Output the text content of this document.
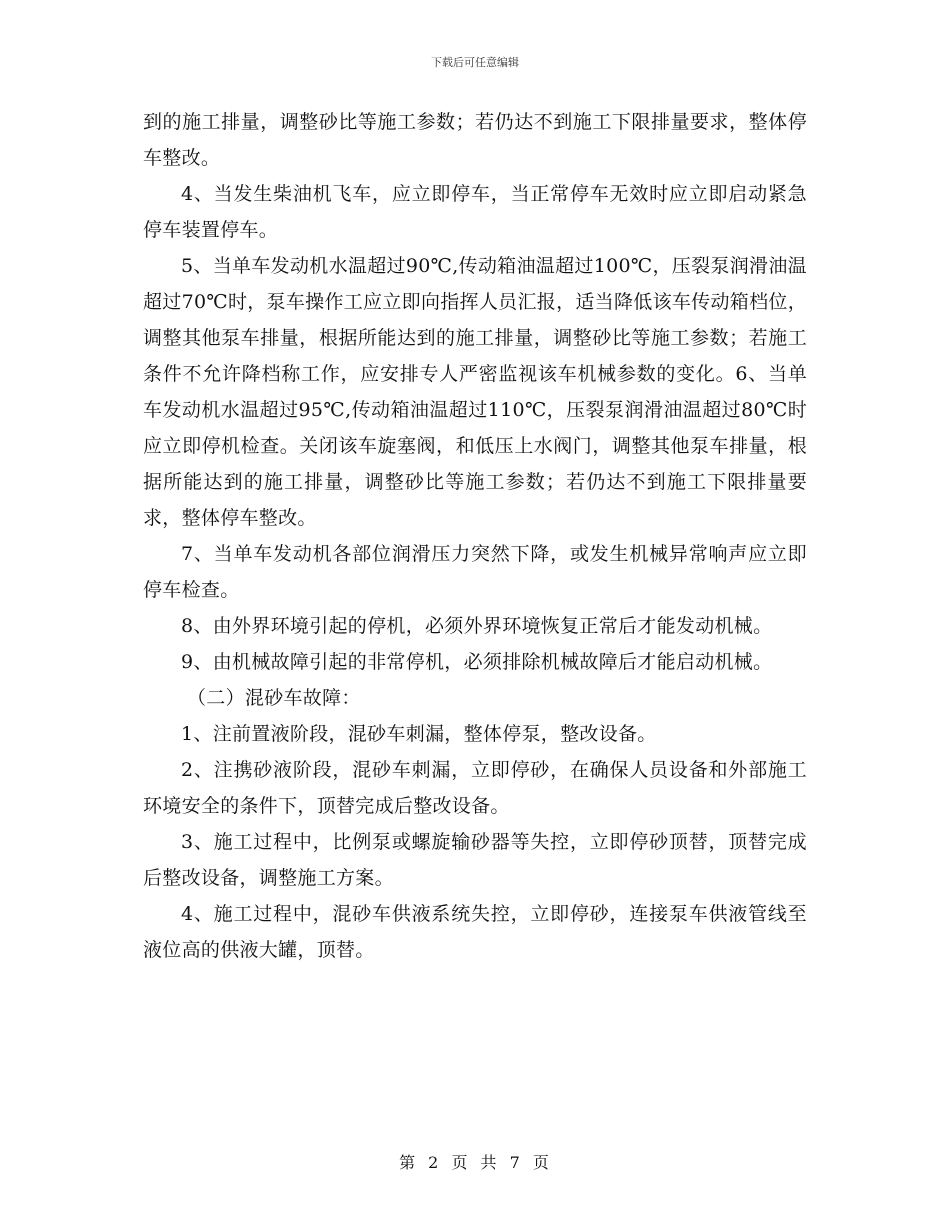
下载后可任意编辑

到的施工排量，调整砂比等施工参数；若仍达不到施工下限排量要求，整体停车整改。

4、当发生柴油机飞车，应立即停车，当正常停车无效时应立即启动紧急停车装置停车。

5、当单车发动机水温超过90℃,传动箱油温超过100℃，压裂泵润滑油温超过70℃时，泵车操作工应立即向指挥人员汇报，适当降低该车传动箱档位，调整其他泵车排量，根据所能达到的施工排量，调整砂比等施工参数；若施工条件不允许降档称工作，应安排专人严密监视该车机械参数的变化。6、当单车发动机水温超过95℃,传动箱油温超过110℃，压裂泵润滑油温超过80℃时应立即停机检查。关闭该车旋塞阀，和低压上水阀门，调整其他泵车排量，根据所能达到的施工排量，调整砂比等施工参数；若仍达不到施工下限排量要求，整体停车整改。

7、当单车发动机各部位润滑压力突然下降，或发生机械异常响声应立即停车检查。

8、由外界环境引起的停机，必须外界环境恢复正常后才能发动机械。

9、由机械故障引起的非常停机，必须排除机械故障后才能启动机械。

（二）混砂车故障：

1、注前置液阶段，混砂车刺漏，整体停泵，整改设备。

2、注携砂液阶段，混砂车刺漏，立即停砂，在确保人员设备和外部施工环境安全的条件下，顶替完成后整改设备。

3、施工过程中，比例泵或螺旋输砂器等失控，立即停砂顶替，顶替完成后整改设备，调整施工方案。

4、施工过程中，混砂车供液系统失控，立即停砂，连接泵车供液管线至液位高的供液大罐，顶替。

第 2 页 共 7 页
